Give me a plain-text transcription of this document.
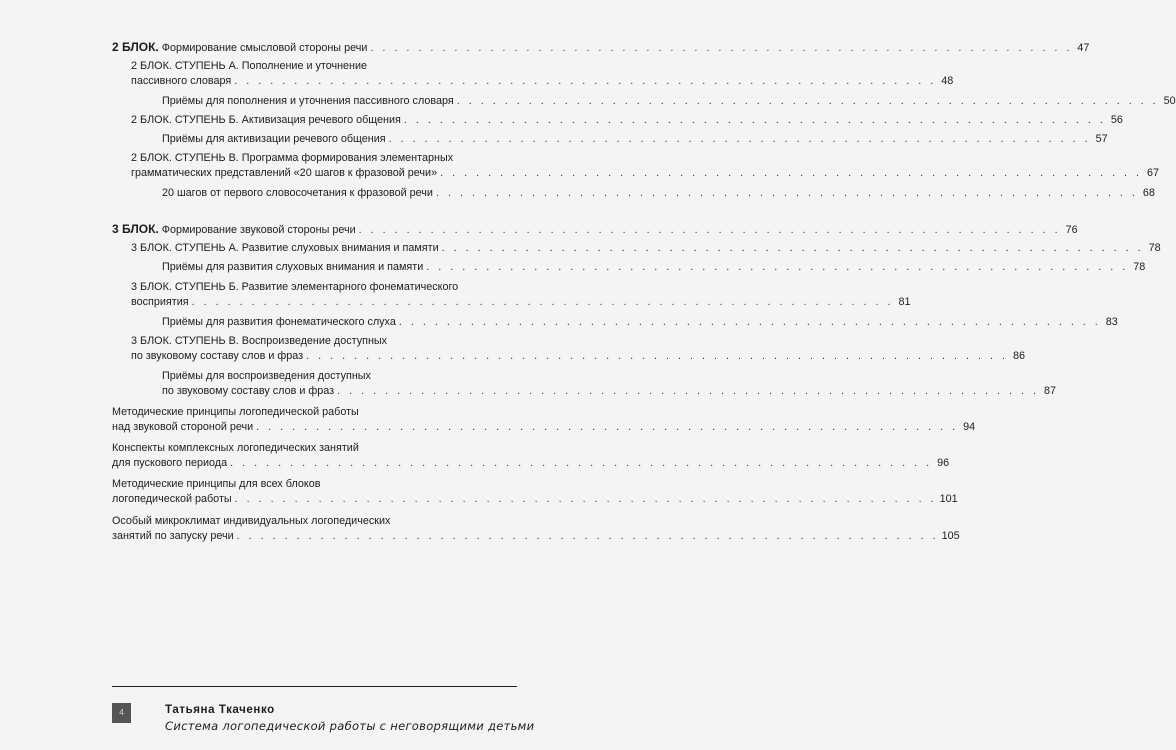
2 БЛОК.
Формирование смысловой стороны речи . . . . . . . . . . . . . . . . . . . . . . . . . . . . . . . . . . . . . . . . . . . . . . . . . . . . . . . . . . . 47
2 БЛОК. СТУПЕНЬ А. Пополнение и уточнение
пассивного словаря . . . . . . . . . . . . . . . . . . . . . . . . . . . . . . . . . . . . . . . . . . . . . . . . . . . . . . . . . . . 48
Приёмы для пополнения и уточнения пассивного словаря . . . . . . . . . . . . . . . . . . . . . . . . . . . . . . . . . . . . . . . . . . . . . . . . . . . . . . . . . . . 50
2 БЛОК. СТУПЕНЬ Б. Активизация речевого общения . . . . . . . . . . . . . . . . . . . . . . . . . . . . . . . . . . . . . . . . . . . . . . . . . . . . . . . . . . . 56
Приёмы для активизации речевого общения . . . . . . . . . . . . . . . . . . . . . . . . . . . . . . . . . . . . . . . . . . . . . . . . . . . . . . . . . . . 57
2 БЛОК. СТУПЕНЬ В. Программа формирования элементарных
грамматических представлений «20 шагов к фразовой речи» . . . . . . . . . . . . . . . . . . . . . . . . . . . . . . . . . . . . . . . . . . . . . . . . . . . . . . . . . . . 67
20 шагов от первого словосочетания к фразовой речи . . . . . . . . . . . . . . . . . . . . . . . . . . . . . . . . . . . . . . . . . . . . . . . . . . . . . . . . . . . 68
3 БЛОК.
Формирование звуковой стороны речи . . . . . . . . . . . . . . . . . . . . . . . . . . . . . . . . . . . . . . . . . . . . . . . . . . . . . . . . . . . 76
3 БЛОК. СТУПЕНЬ А. Развитие слуховых внимания и памяти . . . . . . . . . . . . . . . . . . . . . . . . . . . . . . . . . . . . . . . . . . . . . . . . . . . . . . . . . . . 78
Приёмы для развития слуховых внимания и памяти . . . . . . . . . . . . . . . . . . . . . . . . . . . . . . . . . . . . . . . . . . . . . . . . . . . . . . . . . . . 78
3 БЛОК. СТУПЕНЬ Б. Развитие элементарного фонематического
восприятия . . . . . . . . . . . . . . . . . . . . . . . . . . . . . . . . . . . . . . . . . . . . . . . . . . . . . . . . . . . 81
Приёмы для развития фонематического слуха . . . . . . . . . . . . . . . . . . . . . . . . . . . . . . . . . . . . . . . . . . . . . . . . . . . . . . . . . . . 83
3 БЛОК. СТУПЕНЬ В. Воспроизведение доступных
по звуковому составу слов и фраз . . . . . . . . . . . . . . . . . . . . . . . . . . . . . . . . . . . . . . . . . . . . . . . . . . . . . . . . . . . 86
Приёмы для воспроизведения доступных
по звуковому составу слов и фраз . . . . . . . . . . . . . . . . . . . . . . . . . . . . . . . . . . . . . . . . . . . . . . . . . . . . . . . . . . . 87
Методические принципы логопедической работы
над звуковой стороной речи . . . . . . . . . . . . . . . . . . . . . . . . . . . . . . . . . . . . . . . . . . . . . . . . . . . . . . . . . . . 94
Конспекты комплексных логопедических занятий
для пускового периода . . . . . . . . . . . . . . . . . . . . . . . . . . . . . . . . . . . . . . . . . . . . . . . . . . . . . . . . . . . 96
Методические принципы для всех блоков
логопедической работы . . . . . . . . . . . . . . . . . . . . . . . . . . . . . . . . . . . . . . . . . . . . . . . . . . . . . . . . . . . 101
Особый микроклимат индивидуальных логопедических
занятий по запуску речи . . . . . . . . . . . . . . . . . . . . . . . . . . . . . . . . . . . . . . . . . . . . . . . . . . . . . . . . . . . 105
4	Татьяна Ткаченко
Система логопедической работы с неговорящими детьми
